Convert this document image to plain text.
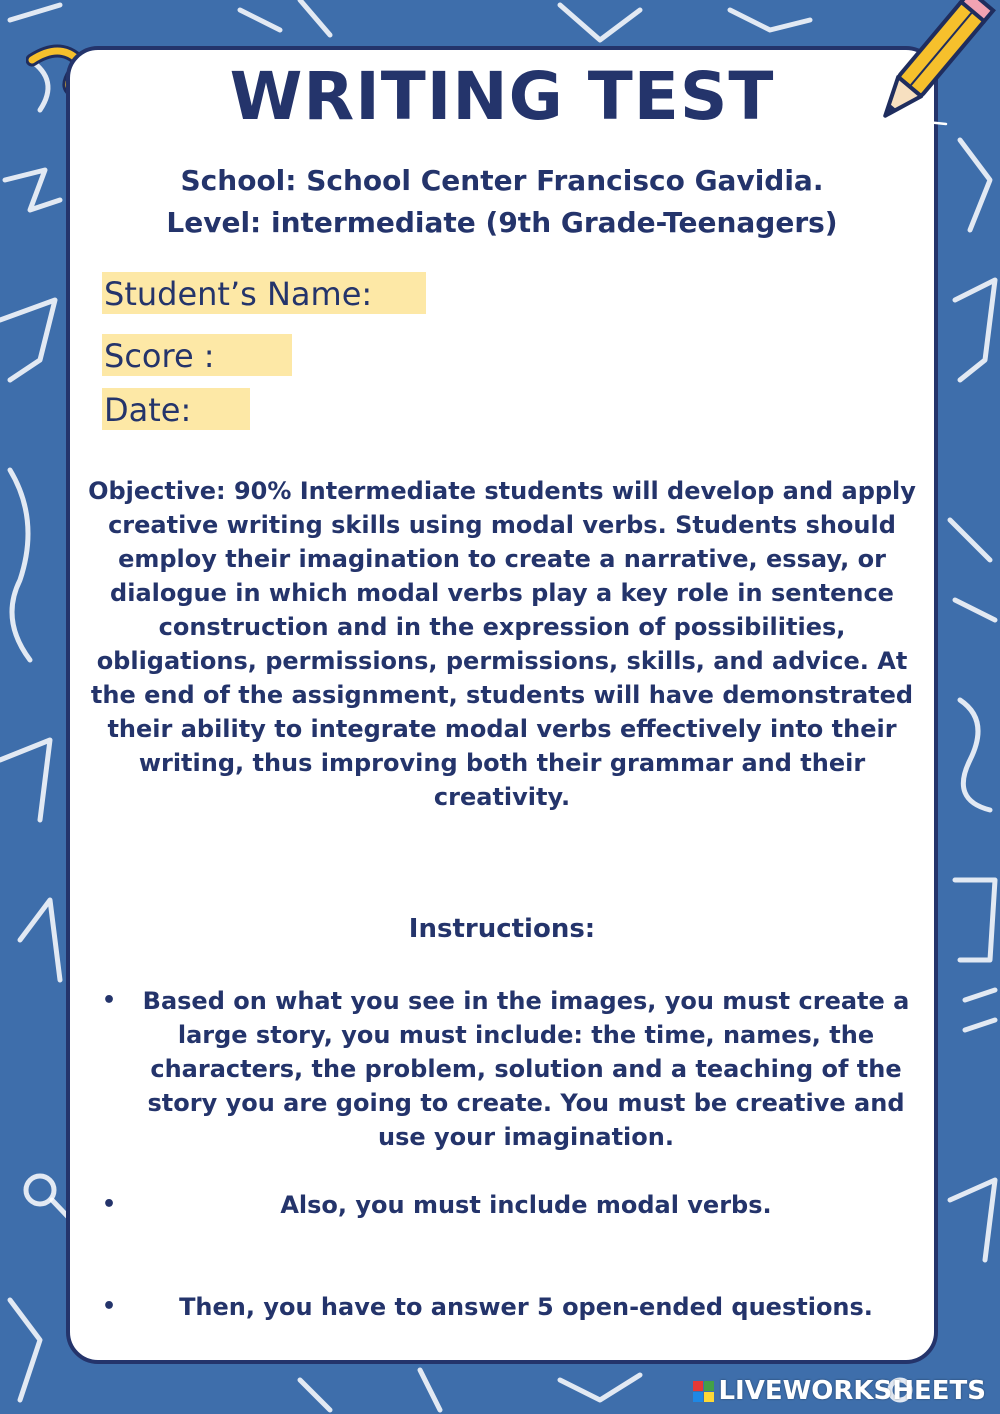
WRITING TEST
School: School Center Francisco Gavidia.
Level: intermediate (9th Grade-Teenagers)
Student’s Name:
Score :
Date:

Objective: 90% Intermediate students will develop and apply creative writing skills using modal verbs. Students should employ their imagination to create a narrative, essay, or dialogue in which modal verbs play a key role in sentence construction and in the expression of possibilities, obligations, permissions, permissions, skills, and advice. At the end of the assignment, students will have demonstrated their ability to integrate modal verbs effectively into their writing, thus improving both their grammar and their creativity.

Instructions:
•	Based on what you see in the images, you must create a large story, you must include: the time, names, the characters, the problem, solution and a teaching of the story you are going to create. You must be creative and use your imagination.
•	Also, you must include modal verbs.
•	Then, you have to answer 5 open-ended questions.
LIVEWORKSHEETS
